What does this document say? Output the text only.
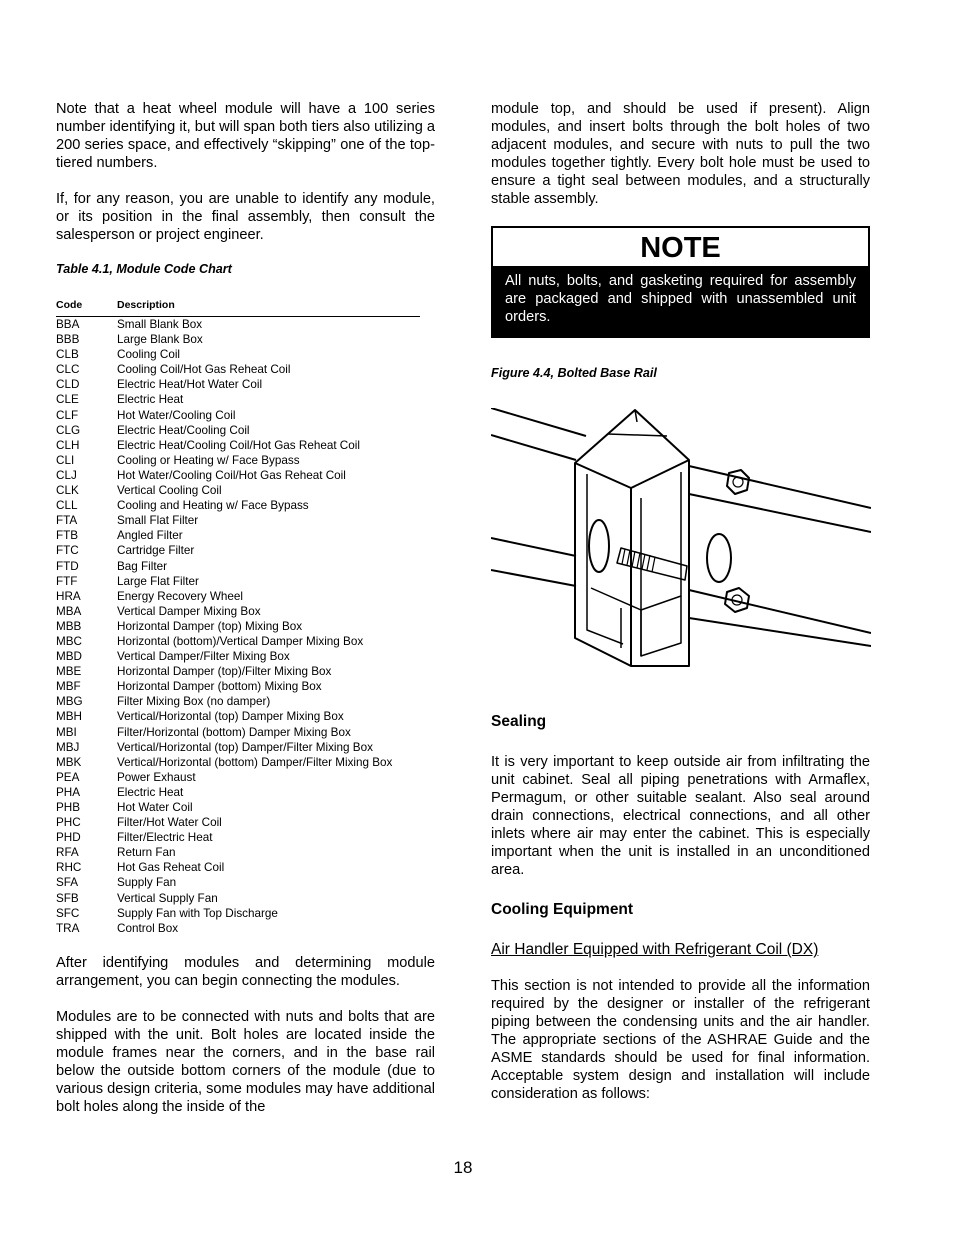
Note that a heat wheel module will have a 100 series number identifying it, but will span both tiers also utilizing a 200 series space, and effectively “skipping” one of the top-tiered numbers.

If, for any reason, you are unable to identify any module, or its position in the final assembly, then consult the salesperson or project engineer.

Table 4.1, Module Code Chart

Code	Description
BBA	Small Blank Box
BBB	Large Blank Box
CLB	Cooling Coil
CLC	Cooling Coil/Hot Gas Reheat Coil
CLD	Electric Heat/Hot Water Coil
CLE	Electric Heat
CLF	Hot Water/Cooling Coil
CLG	Electric Heat/Cooling Coil
CLH	Electric Heat/Cooling Coil/Hot Gas Reheat Coil
CLI	Cooling or Heating w/ Face Bypass
CLJ	Hot Water/Cooling Coil/Hot Gas Reheat Coil
CLK	Vertical Cooling Coil
CLL	Cooling and Heating w/ Face Bypass
FTA	Small Flat Filter
FTB	Angled Filter
FTC	Cartridge Filter
FTD	Bag Filter
FTF	Large Flat Filter
HRA	Energy Recovery Wheel
MBA	Vertical Damper Mixing Box
MBB	Horizontal Damper (top) Mixing Box
MBC	Horizontal (bottom)/Vertical Damper Mixing Box
MBD	Vertical Damper/Filter Mixing Box
MBE	Horizontal Damper (top)/Filter Mixing Box
MBF	Horizontal Damper (bottom) Mixing Box
MBG	Filter Mixing Box (no damper)
MBH	Vertical/Horizontal (top) Damper Mixing Box
MBI	Filter/Horizontal (bottom) Damper Mixing Box
MBJ	Vertical/Horizontal (top) Damper/Filter Mixing Box
MBK	Vertical/Horizontal (bottom) Damper/Filter Mixing Box
PEA	Power Exhaust
PHA	Electric Heat
PHB	Hot Water Coil
PHC	Filter/Hot Water Coil
PHD	Filter/Electric Heat
RFA	Return Fan
RHC	Hot Gas Reheat Coil
SFA	Supply Fan
SFB	Vertical Supply Fan
SFC	Supply Fan with Top Discharge
TRA	Control Box

After identifying modules and determining module arrangement, you can begin connecting the modules.

Modules are to be connected with nuts and bolts that are shipped with the unit. Bolt holes are located inside the module frames near the corners, and in the base rail below the outside bottom corners of the module (due to various design criteria, some modules may have additional bolt holes along the inside of the

module top, and should be used if present). Align modules, and insert bolts through the bolt holes of two adjacent modules, and secure with nuts to pull the two modules together tightly. Every bolt hole must be used to ensure a tight seal between modules, and a structurally stable assembly.

NOTE
All nuts, bolts, and gasketing required for assembly are packaged and shipped with unassembled unit orders.

Figure 4.4, Bolted Base Rail

Sealing

It is very important to keep outside air from infiltrating the unit cabinet. Seal all piping penetrations with Armaflex, Permagum, or other suitable sealant. Also seal around drain connections, electrical connections, and all other inlets where air may enter the cabinet. This is especially important when the unit is installed in an unconditioned area.

Cooling Equipment

Air Handler Equipped with Refrigerant Coil (DX)

This section is not intended to provide all the information required by the designer or installer of the refrigerant piping between the condensing units and the air handler. The appropriate sections of the ASHRAE Guide and the ASME standards should be used for final information. Acceptable system design and installation will include consideration as follows:

18
